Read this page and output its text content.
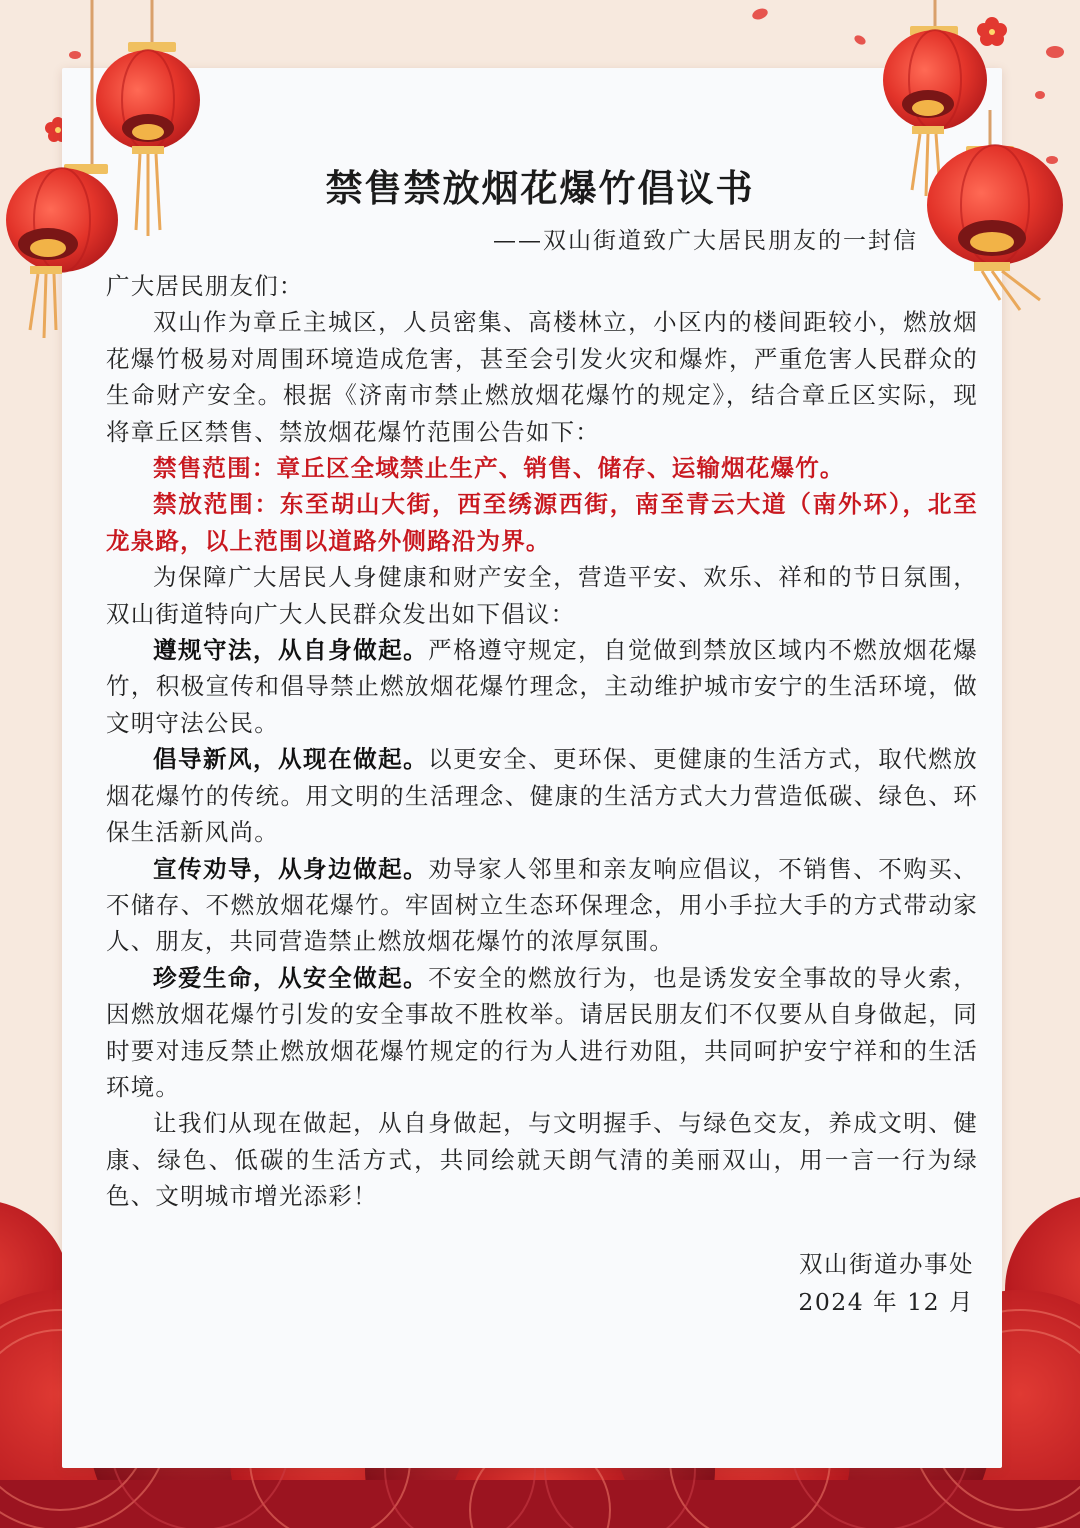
禁售禁放烟花爆竹倡议书
——双山街道致广大居民朋友的一封信

广大居民朋友们：

双山作为章丘主城区，人员密集、高楼林立，小区内的楼间距较小，燃放烟花爆竹极易对周围环境造成危害，甚至会引发火灾和爆炸，严重危害人民群众的生命财产安全。根据《济南市禁止燃放烟花爆竹的规定》，结合章丘区实际，现将章丘区禁售、禁放烟花爆竹范围公告如下：

禁售范围：章丘区全域禁止生产、销售、储存、运输烟花爆竹。

禁放范围：东至胡山大街，西至绣源西街，南至青云大道（南外环），北至龙泉路，以上范围以道路外侧路沿为界。

为保障广大居民人身健康和财产安全，营造平安、欢乐、祥和的节日氛围，双山街道特向广大人民群众发出如下倡议：

遵规守法，从自身做起。严格遵守规定，自觉做到禁放区域内不燃放烟花爆竹，积极宣传和倡导禁止燃放烟花爆竹理念，主动维护城市安宁的生活环境，做文明守法公民。

倡导新风，从现在做起。以更安全、更环保、更健康的生活方式，取代燃放烟花爆竹的传统。用文明的生活理念、健康的生活方式大力营造低碳、绿色、环保生活新风尚。

宣传劝导，从身边做起。劝导家人邻里和亲友响应倡议，不销售、不购买、不储存、不燃放烟花爆竹。牢固树立生态环保理念，用小手拉大手的方式带动家人、朋友，共同营造禁止燃放烟花爆竹的浓厚氛围。

珍爱生命，从安全做起。不安全的燃放行为，也是诱发安全事故的导火索，因燃放烟花爆竹引发的安全事故不胜枚举。请居民朋友们不仅要从自身做起，同时要对违反禁止燃放烟花爆竹规定的行为人进行劝阻，共同呵护安宁祥和的生活环境。

让我们从现在做起，从自身做起，与文明握手、与绿色交友，养成文明、健康、绿色、低碳的生活方式，共同绘就天朗气清的美丽双山，用一言一行为绿色、文明城市增光添彩！

双山街道办事处
2024 年 12 月
